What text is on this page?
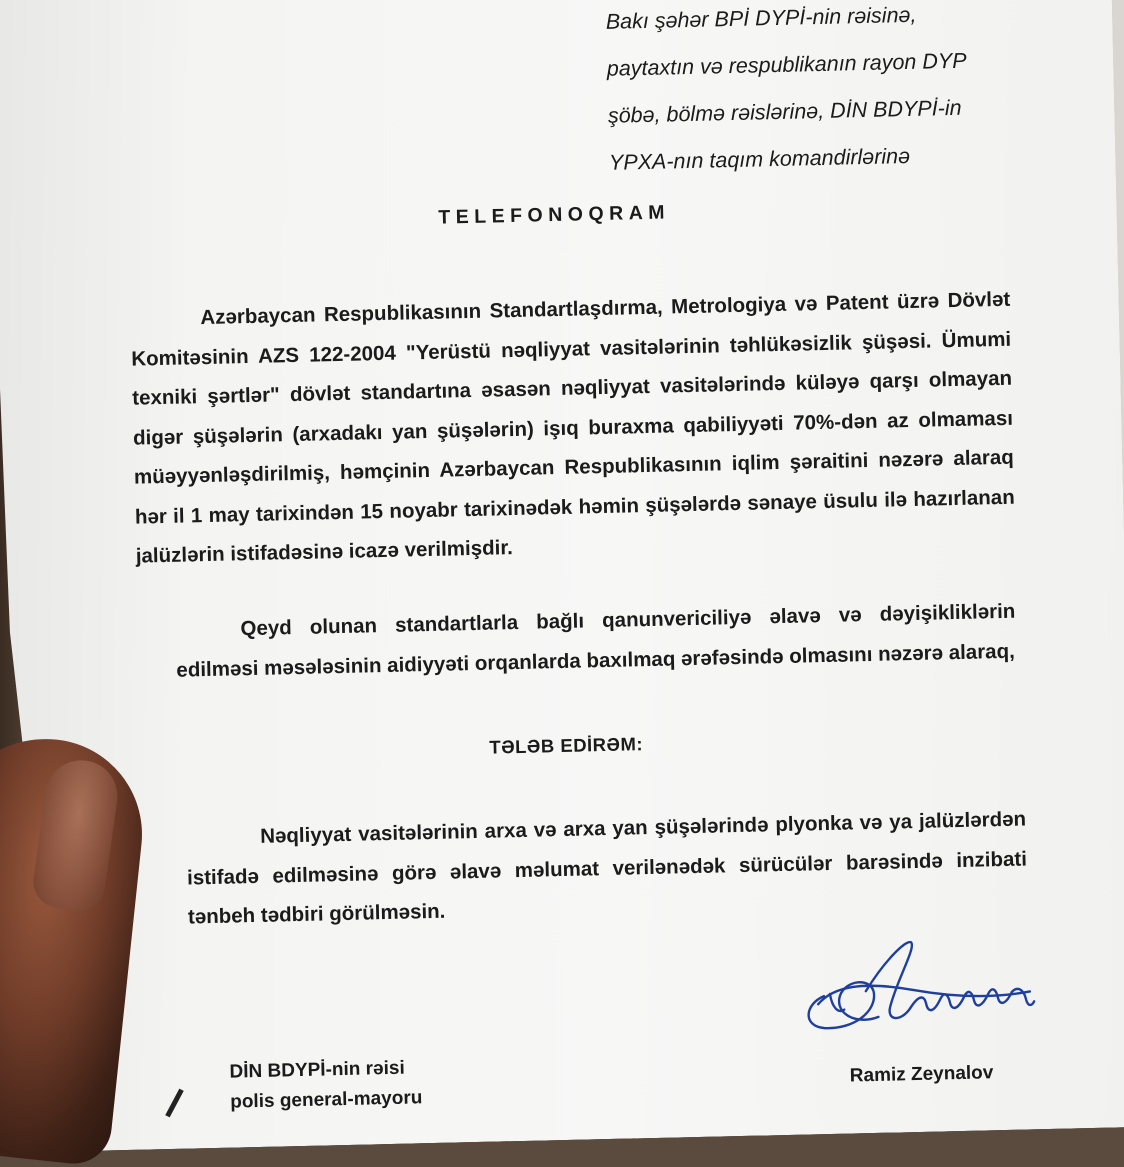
Bakı şəhər BPİ DYPİ-nin rəisinə,
paytaxtın və respublikanın rayon DYP
şöbə, bölmə rəislərinə, DİN BDYPİ-in
YPXA-nın taqım komandirlərinə
TELEFONOQRAM
Azərbaycan Respublikasının Standartlaşdırma, Metrologiya və Patent üzrə Dövlət Komitəsinin AZS 122-2004 "Yerüstü nəqliyyat vasitələrinin təhlükəsizlik şüşəsi. Ümumi texniki şərtlər" dövlət standartına əsasən nəqliyyat vasitələrində küləyə qarşı olmayan digər şüşələrin (arxadakı yan şüşələrin) işıq buraxma qabiliyyəti 70%-dən az olmaması müəyyənləşdirilmiş, həmçinin Azərbaycan Respublikasının iqlim şəraitini nəzərə alaraq hər il 1 may tarixindən 15 noyabr tarixinədək həmin şüşələrdə sənaye üsulu ilə hazırlanan jalüzlərin istifadəsinə icazə verilmişdir.
Qeyd olunan standartlarla bağlı qanunvericiliyə əlavə və dəyişikliklərin edilməsi məsələsinin aidiyyəti orqanlarda baxılmaq ərəfəsində olmasını nəzərə alaraq,
TƏLƏB EDİRƏM:
Nəqliyyat vasitələrinin arxa və arxa yan şüşələrində plyonka və ya jalüzlərdən istifadə edilməsinə görə əlavə məlumat verilənədək sürücülər barəsində inzibati tənbeh tədbiri görülməsin.
DİN BDYPİ-nin rəisi
polis general-mayoru
Ramiz Zeynalov
